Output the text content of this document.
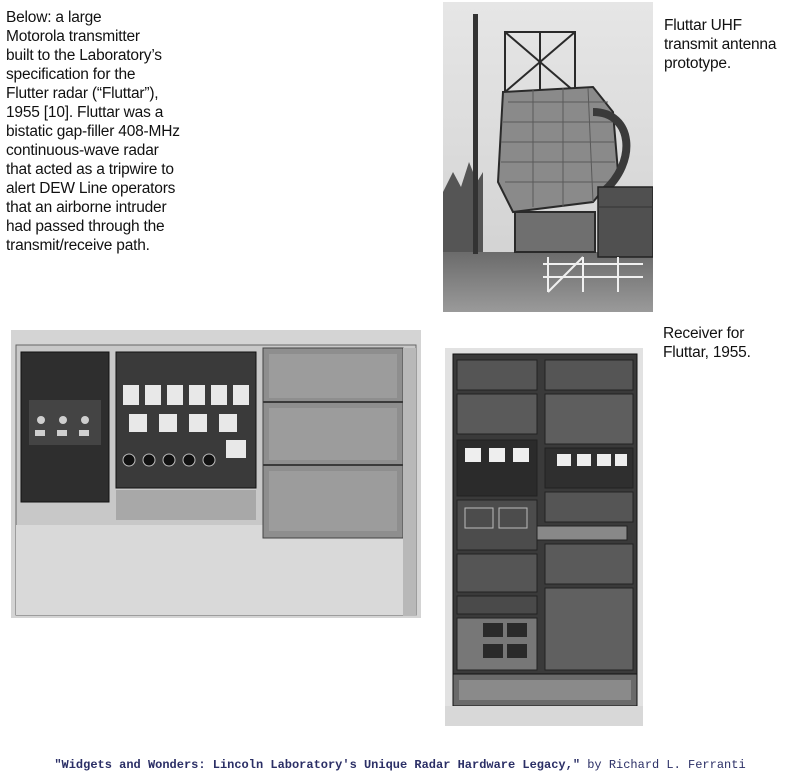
Below: a large
Motorola transmitter
built to the Laboratory’s
specification for the
Flutter radar (“Fluttar”),
1955 [10]. Fluttar was a
bistatic gap-filler 408-MHz
continuous-wave radar
that acted as a tripwire to
alert DEW Line operators
that an airborne intruder
had passed through the
transmit/receive path.
Fluttar UHF
transmit antenna
prototype.
Receiver for
Fluttar, 1955.
"Widgets and Wonders: Lincoln Laboratory's Unique Radar Hardware Legacy," by Richard L. Ferranti
